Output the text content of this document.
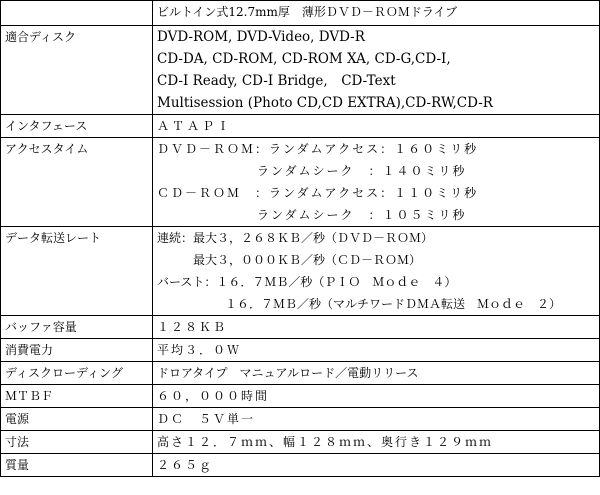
	ビルトイン式12.7mm厚　薄形ＤＶＤ－ＲＯＭドライブ
適合ディスク	DVD-ROM, DVD-Video, DVD-R
CD-DA, CD-ROM, CD-ROM XA, CD-G,CD-I,
CD-I Ready, CD-I Bridge,　CD-Text
Multisession (Photo CD,CD EXTRA),CD-RW,CD-R

インタフェース	ＡＴＡＰＩ

アクセスタイム	ＤＶＤ－ＲＯＭ：ランダムアクセス：１６０ミリ秒
ランダムシーク　：１４０ミリ秒
ＣＤ－ＲＯＭ　：ランダムアクセス：１１０ミリ秒
ランダムシーク　：１０５ミリ秒

データ転送レート	連続：最大３，２６８ＫＢ／秒（ＤＶＤ－ＲＯＭ）
最大３，０００ＫＢ／秒（ＣＤ－ＲＯＭ）
バースト：１６．７ＭＢ／秒（ＰＩＯ　Ｍｏｄｅ　４）
１６．７ＭＢ／秒（マルチワードＤＭＡ転送　Ｍｏｄｅ　２）

バッファ容量	１２８ＫＢ

消費電力	平均３．０Ｗ

ディスクローディング	ドロアタイプ　マニュアルロード／電動リリース

ＭＴＢＦ	６０，０００時間

電源	ＤＣ　５Ｖ単一

寸法	高さ１２．７ｍｍ、幅１２８ｍｍ、奥行き１２９ｍｍ

質量	２６５ｇ
